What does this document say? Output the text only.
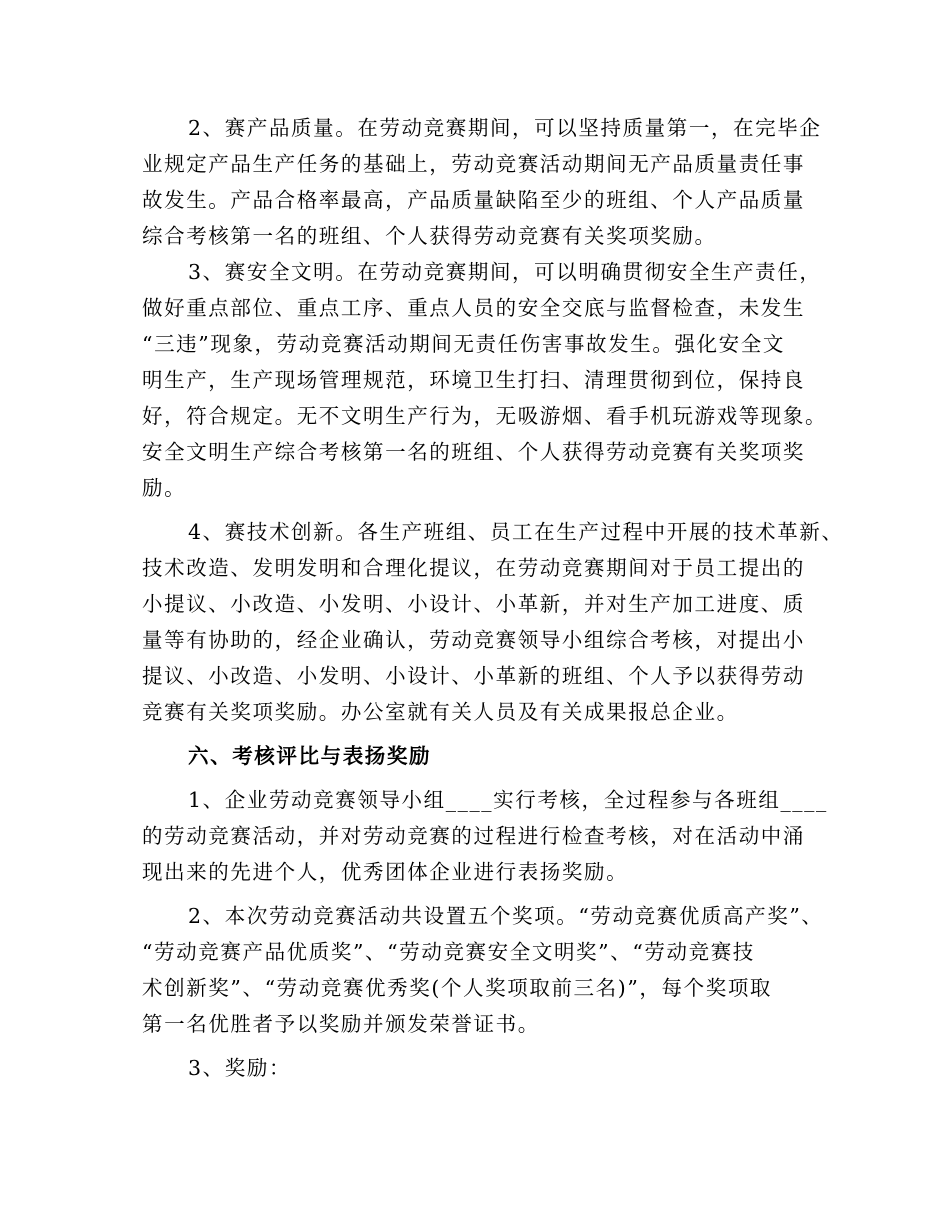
2、赛产品质量。在劳动竞赛期间，可以坚持质量第一，在完毕企
业规定产品生产任务的基础上，劳动竞赛活动期间无产品质量责任事
故发生。产品合格率最高，产品质量缺陷至少的班组、个人产品质量
综合考核第一名的班组、个人获得劳动竞赛有关奖项奖励。
3、赛安全文明。在劳动竞赛期间，可以明确贯彻安全生产责任，
做好重点部位、重点工序、重点人员的安全交底与监督检查，未发生
“三违”现象，劳动竞赛活动期间无责任伤害事故发生。强化安全文
明生产，生产现场管理规范，环境卫生打扫、清理贯彻到位，保持良
好，符合规定。无不文明生产行为，无吸游烟、看手机玩游戏等现象。
安全文明生产综合考核第一名的班组、个人获得劳动竞赛有关奖项奖
励。
4、赛技术创新。各生产班组、员工在生产过程中开展的技术革新、
技术改造、发明发明和合理化提议，在劳动竞赛期间对于员工提出的
小提议、小改造、小发明、小设计、小革新，并对生产加工进度、质
量等有协助的，经企业确认，劳动竞赛领导小组综合考核，对提出小
提议、小改造、小发明、小设计、小革新的班组、个人予以获得劳动
竞赛有关奖项奖励。办公室就有关人员及有关成果报总企业。
六、考核评比与表扬奖励
1、企业劳动竞赛领导小组____实行考核，全过程参与各班组____
的劳动竞赛活动，并对劳动竞赛的过程进行检查考核，对在活动中涌
现出来的先进个人，优秀团体企业进行表扬奖励。
2、本次劳动竞赛活动共设置五个奖项。“劳动竞赛优质高产奖”、
“劳动竞赛产品优质奖”、“劳动竞赛安全文明奖”、“劳动竞赛技
术创新奖”、“劳动竞赛优秀奖(个人奖项取前三名)”，每个奖项取
第一名优胜者予以奖励并颁发荣誉证书。
3、奖励：
